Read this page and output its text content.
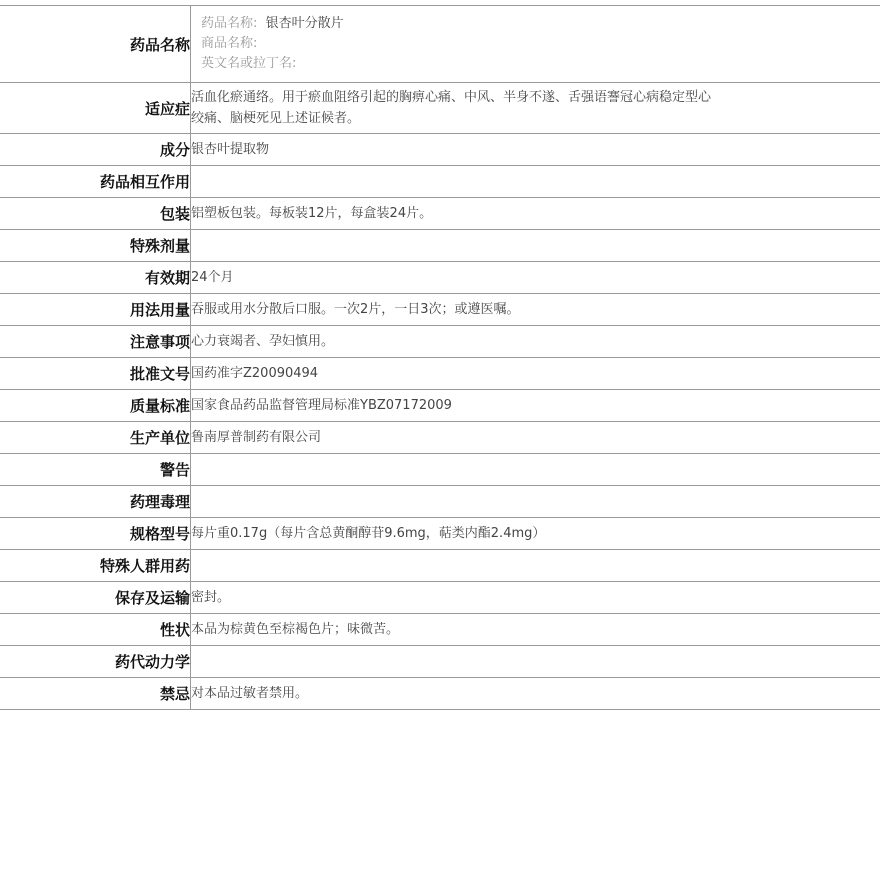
药品名称	药品名称: 银杏叶分散片
商品名称:
英文名或拉丁名:

适应症	活血化瘀通络。用于瘀血阻络引起的胸痹心痛、中风、半身不遂、舌强语謇冠心病稳定型心
绞痛、脑梗死见上述证候者。

成分	银杏叶提取物
药品相互作用	
包装	铝塑板包装。每板装12片，每盒装24片。
特殊剂量	
有效期	24个月
用法用量	吞服或用水分散后口服。一次2片，一日3次；或遵医嘱。
注意事项	心力衰竭者、孕妇慎用。
批准文号	国药准字Z20090494
质量标准	国家食品药品监督管理局标准YBZ07172009
生产单位	鲁南厚普制药有限公司
警告	
药理毒理	
规格型号	每片重0.17g（每片含总黄酮醇苷9.6mg，萜类内酯2.4mg）
特殊人群用药	
保存及运输	密封。
性状	本品为棕黄色至棕褐色片；味微苦。
药代动力学	
禁忌	对本品过敏者禁用。
